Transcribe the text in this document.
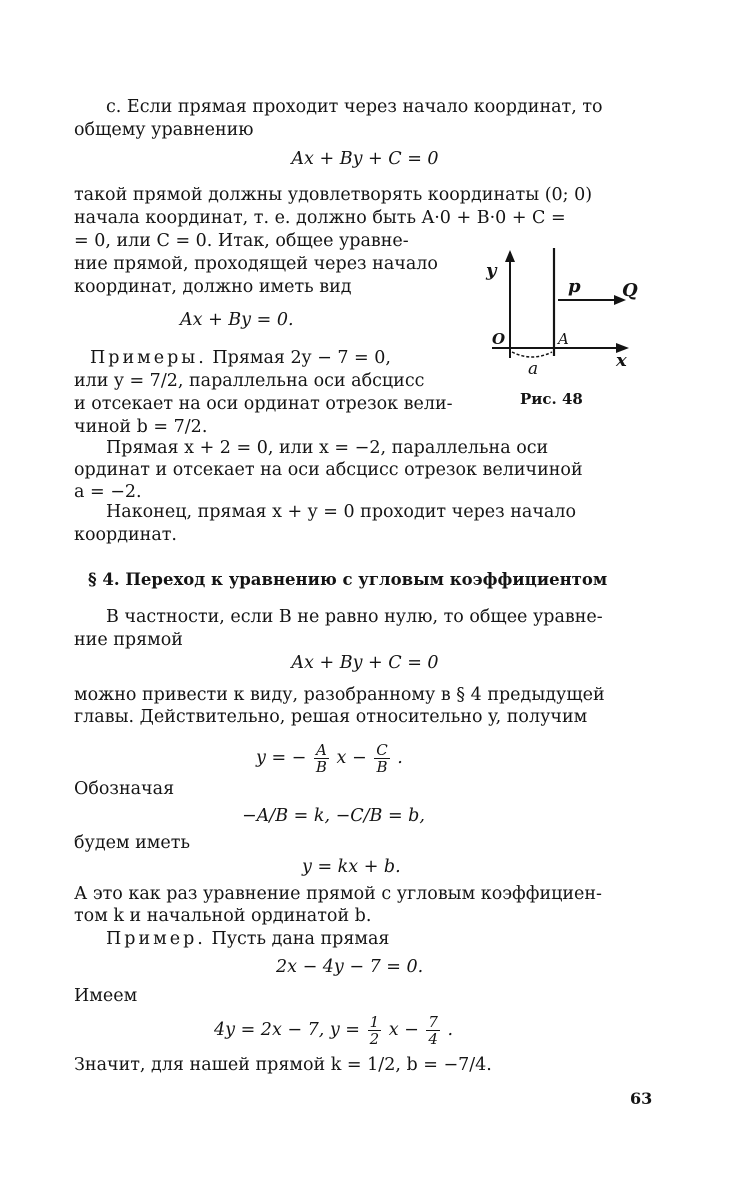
с. Если прямая проходит через начало координат, то
общему уравнению
Ax + By + C = 0
такой прямой должны удовлетворять координаты (0; 0)
начала координат, т. е. должно быть A·0 + B·0 + C =
= 0, или C = 0. Итак, общее уравне-
ние прямой, проходящей через начало
координат, должно иметь вид
Ax + By = 0.
y
x
O	A
p Q
a
Рис. 48
Примеры. Прямая 2y − 7 = 0,
или y = 7/2, параллельна оси абсцисс
и отсекает на оси ординат отрезок вели-
чиной b = 7/2.
Прямая x + 2 = 0, или x = −2, параллельна оси
ординат и отсекает на оси абсцисс отрезок величиной
a = −2.
Наконец, прямая x + y = 0 проходит через начало
координат.
§ 4. Переход к уравнению с угловым коэффициентом
В частности, если B не равно нулю, то общее уравне-
ние прямой
Ax + By + C = 0
можно привести к виду, разобранному в § 4 предыдущей
главы. Действительно, решая относительно y, получим
y = − $\frac{A}{B}$ $x - \frac{C}{B}$ .
Обозначая
−A/B = k, −C/B = b,
будем иметь
y = kx + b.
А это как раз уравнение прямой с угловым коэффициен-
том k и начальной ординатой b.
Пример. Пусть дана прямая
2x − 4y − 7 = 0.
Имеем
4y = 2x − 7, $y = \frac{1}{2}$ $x - \frac{7}{4}$ .
Значит, для нашей прямой k = 1/2, b = −7/4.
63
